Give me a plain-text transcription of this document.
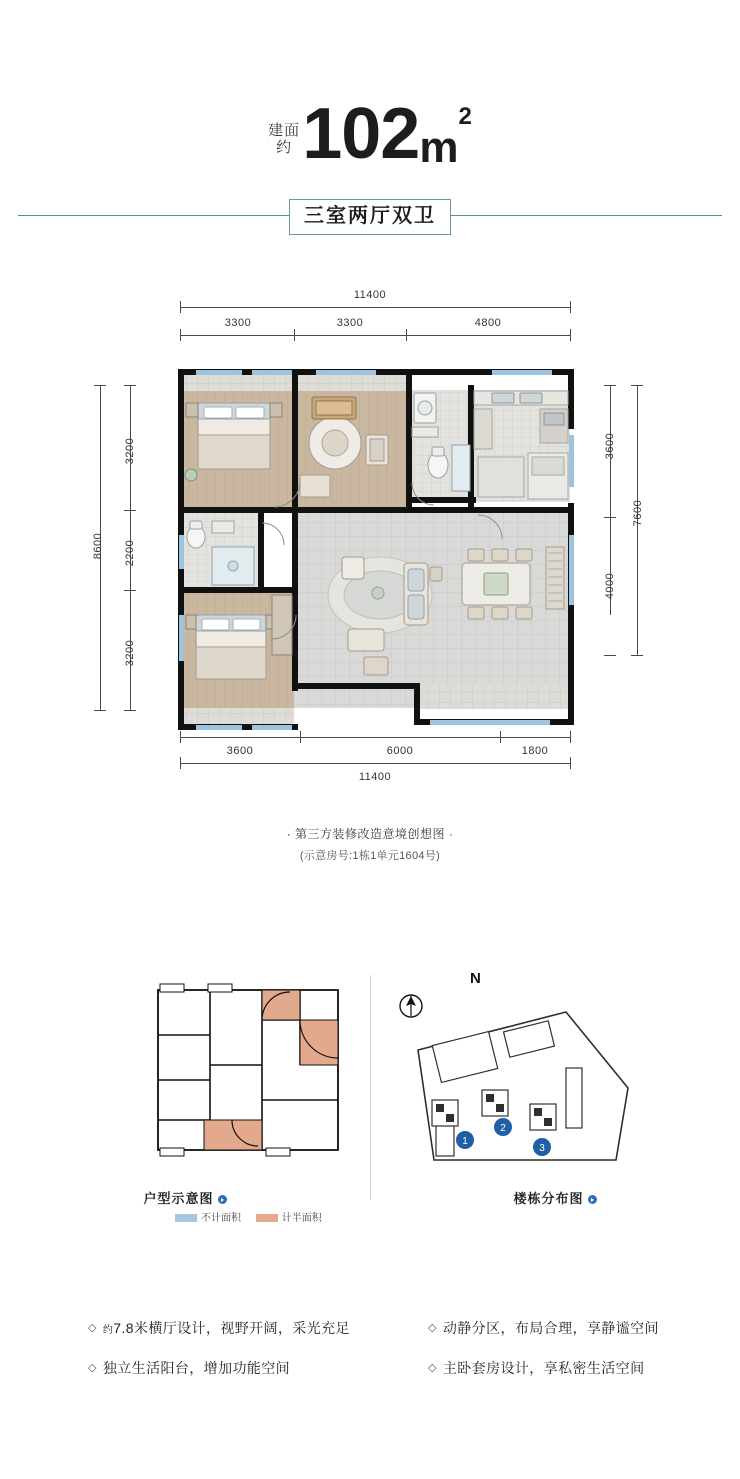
建面
约 102m2
三室两厅双卫
11400
3300	3300	4800
8600
3200
2200
3200
3600
4000
7600
3600	6000	1800
11400
· 第三方装修改造意境创想图 ·
(示意房号:1栋1单元1604号)
户型示意图
1
2
3
N
楼栋分布图
不计面积	计半面积
◇ 约7.8米横厅设计，视野开阔，采光充足
◇ 独立生活阳台，增加功能空间
◇ 动静分区，布局合理，享静谧空间
◇ 主卧套房设计，享私密生活空间
